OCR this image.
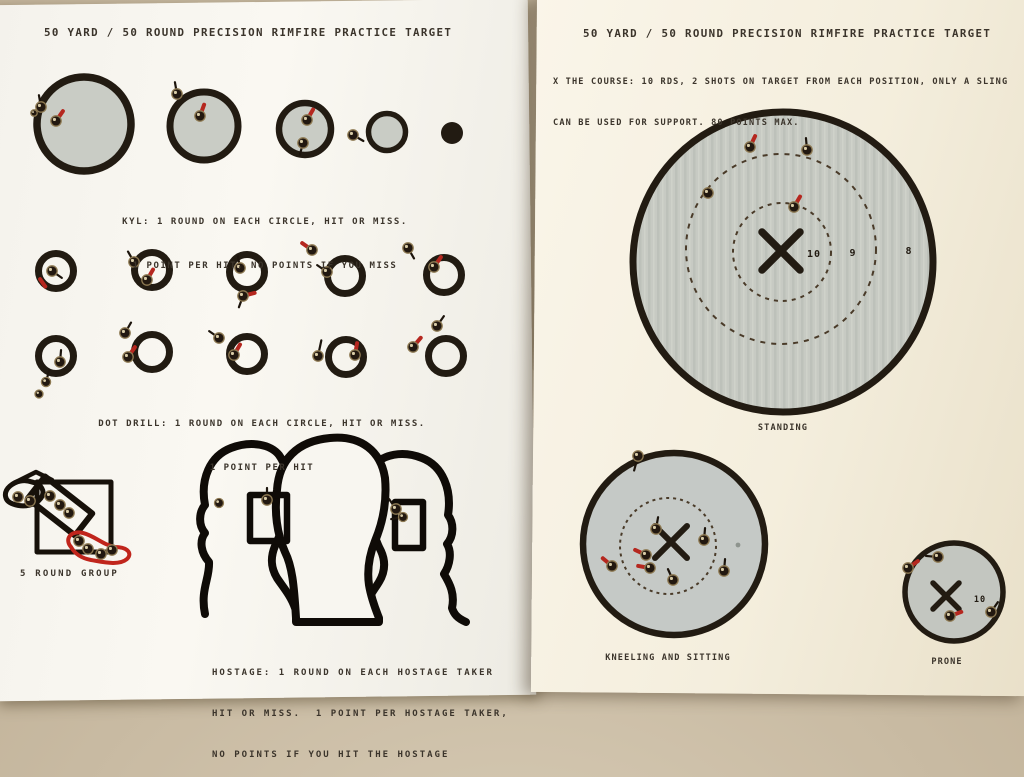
10	9	8
10
50 YARD / 50 ROUND PRECISION RIMFIRE PRACTICE TARGET

KYL: 1 ROUND ON EACH CIRCLE, HIT OR MISS.

1 POINT PER HIT, NO POINTS IF YOU MISS

DOT DRILL: 1 ROUND ON EACH CIRCLE, HIT OR MISS.

1 POINT PER HIT

5 ROUND GROUP

HOSTAGE: 1 ROUND ON EACH HOSTAGE TAKER

HIT OR MISS.  1 POINT PER HOSTAGE TAKER,

NO POINTS IF YOU HIT THE HOSTAGE

50 YARD / 50 ROUND PRECISION RIMFIRE PRACTICE TARGET

X THE COURSE: 10 RDS, 2 SHOTS ON TARGET FROM EACH POSITION, ONLY A SLING

CAN BE USED FOR SUPPORT. 80 POINTS MAX.

STANDING
KNEELING AND SITTING	PRONE
